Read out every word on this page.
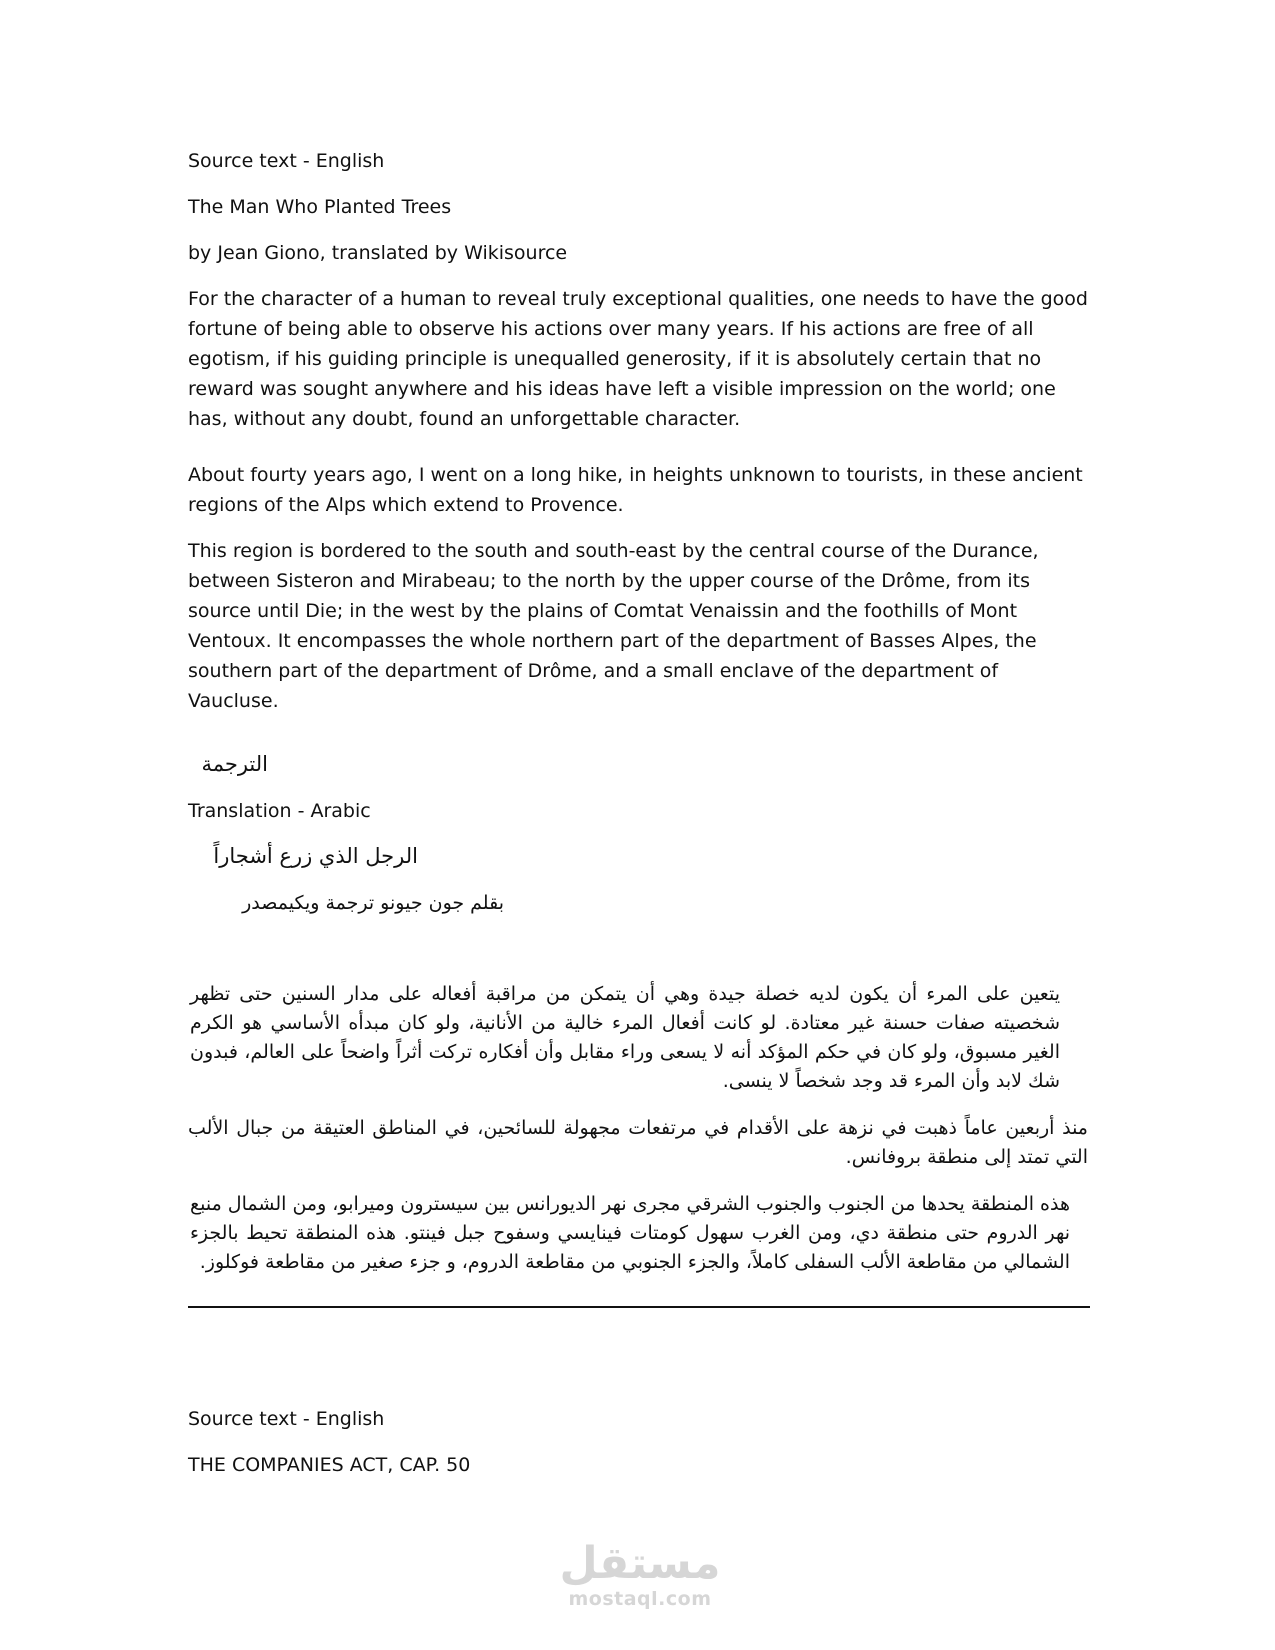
Source text - English

The Man Who Planted Trees

by Jean Giono, translated by Wikisource

For the character of a human to reveal truly exceptional qualities, one needs to have the good fortune of being able to observe his actions over many years. If his actions are free of all egotism, if his guiding principle is unequalled generosity, if it is absolutely certain that no reward was sought anywhere and his ideas have left a visible impression on the world; one has, without any doubt, found an unforgettable character.

About fourty years ago, I went on a long hike, in heights unknown to tourists, in these ancient regions of the Alps which extend to Provence.

This region is bordered to the south and south-east by the central course of the Durance, between Sisteron and Mirabeau; to the north by the upper course of the Drôme, from its source until Die; in the west by the plains of Comtat Venaissin and the foothills of Mont Ventoux. It encompasses the whole northern part of the department of Basses Alpes, the southern part of the department of Drôme, and a small enclave of the department of Vaucluse.

الترجمة

Translation - Arabic

الرجل الذي زرع أشجاراً

بقلم جون جيونو ترجمة ويكيمصدر

يتعين على المرء أن يكون لديه خصلة جيدة وهي أن يتمكن من مراقبة أفعاله على مدار السنين حتى تظهر شخصيته صفات حسنة غير معتادة. لو كانت أفعال المرء خالية من الأنانية، ولو كان مبدأه الأساسي هو الكرم الغير مسبوق، ولو كان في حكم المؤكد أنه لا يسعى وراء مقابل وأن أفكاره تركت أثراً واضحاً على العالم، فبدون شك لابد وأن المرء قد وجد شخصاً لا ينسى.

منذ أربعين عاماً ذهبت في نزهة على الأقدام في مرتفعات مجهولة للسائحين، في المناطق العتيقة من جبال الألب التي تمتد إلى منطقة بروفانس.

هذه المنطقة يحدها من الجنوب والجنوب الشرقي مجرى نهر الديورانس بين سيسترون وميرابو، ومن الشمال منبع نهر الدروم حتى منطقة دي، ومن الغرب سهول كومتات فينايسي وسفوح جبل فينتو. هذه المنطقة تحيط بالجزء الشمالي من مقاطعة الألب السفلى كاملاً، والجزء الجنوبي من مقاطعة الدروم، و جزء صغير من مقاطعة فوكلوز.

Source text - English

THE COMPANIES ACT, CAP. 50

مستقل
mostaql.com
